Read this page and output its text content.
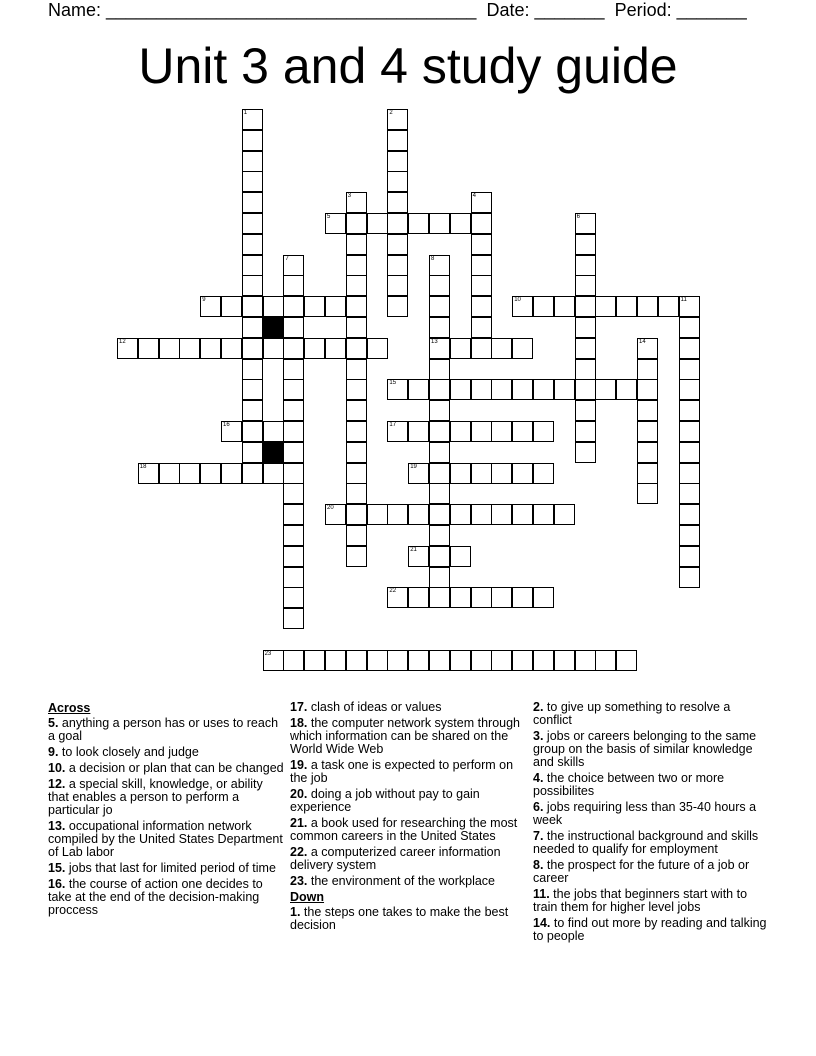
Name: _____________________________________ Date: _______ Period: _______
Unit 3 and 4 study guide
1	2
3	4
5	6
7	8
13
9	10	11
12	14
15
16	17
18	19
20
21
22
23
Across
5. anything a person has or uses to reach a goal
9. to look closely and judge
10. a decision or plan that can be changed
12. a special skill, knowledge, or ability that enables a person to perform a particular jo
13. occupational information network compiled by the United States Department of Lab labor
15. jobs that last for limited period of time
16. the course of action one decides to take at the end of the decision-making proccess
17. clash of ideas or values
18. the computer network system through which information can be shared on the World Wide Web
19. a task one is expected to perform on the job
20. doing a job without pay to gain experience
21. a book used for researching the most common careers in the United States
22. a computerized career information delivery system
23. the environment of the workplace
Down
1. the steps one takes to make the best decision
2. to give up something to resolve a conflict
3. jobs or careers belonging to the same group on the basis of similar knowledge and skills
4. the choice between two or more possibilites
6. jobs requiring less than 35-40 hours a week
7. the instructional background and skills needed to qualify for employment
8. the prospect for the future of a job or career
11. the jobs that beginners start with to train them for higher level jobs
14. to find out more by reading and talking to people
